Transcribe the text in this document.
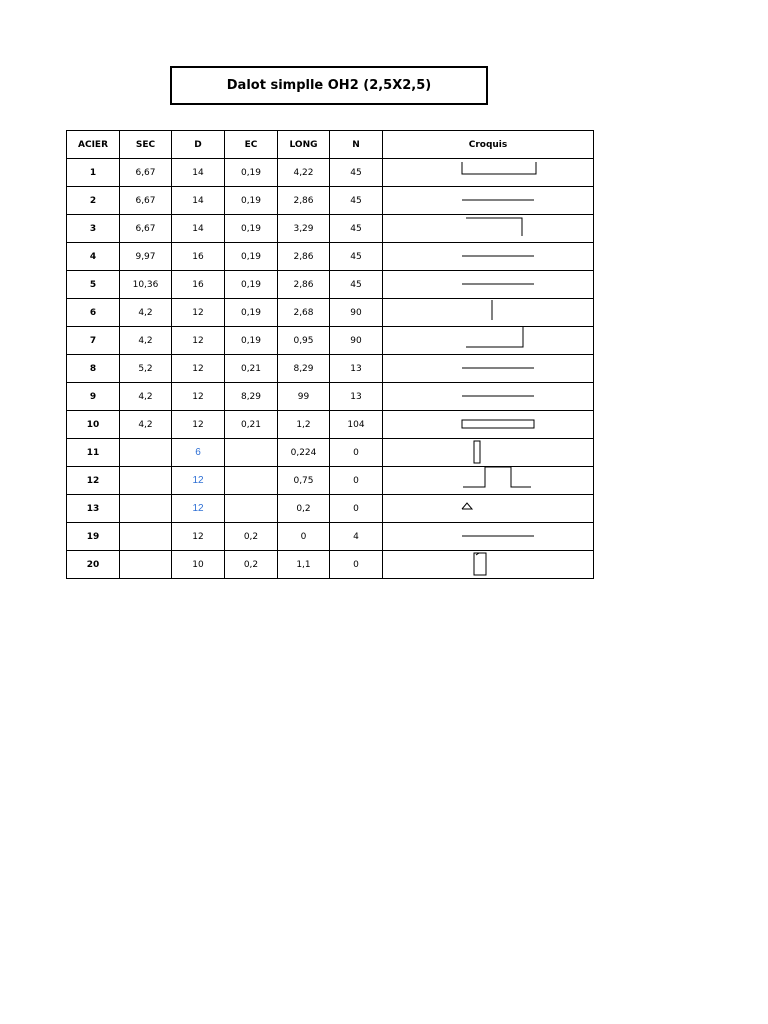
Dalot simplle OH2 (2,5X2,5)
ACIER	SEC	D	EC	LONG	N	Croquis
1	6,67	14	0,19	4,22	45	

2	6,67	14	0,19	2,86	45	

3	6,67	14	0,19	3,29	45	

4	9,97	16	0,19	2,86	45	

5	10,36	16	0,19	2,86	45	

6	4,2	12	0,19	2,68	90	

7	4,2	12	0,19	0,95	90	

8	5,2	12	0,21	8,29	13	

9	4,2	12	8,29	99	13	

10	4,2	12	0,21	1,2	104	

11		6		0,224	0	

12		12		0,75	0	

13		12		0,2	0	

19		12	0,2	0	4	

20		10	0,2	1,1	0	
